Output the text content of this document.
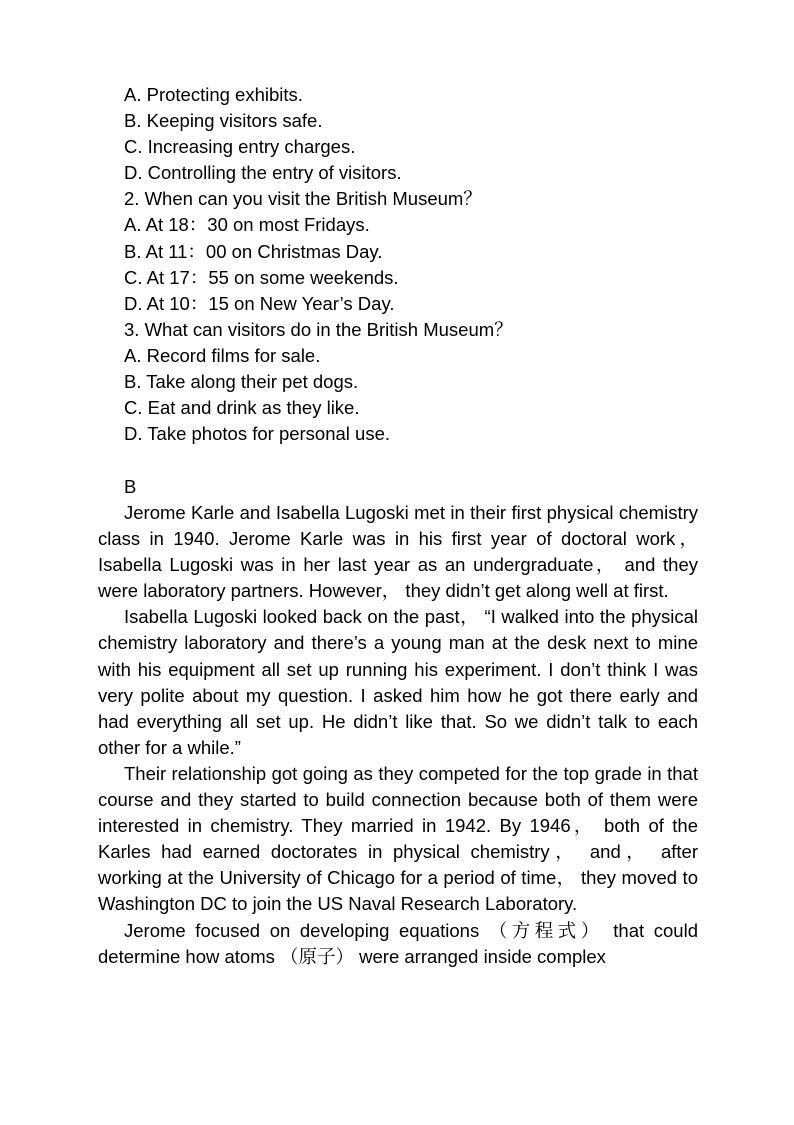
A. Protecting exhibits.

B. Keeping visitors safe.

C. Increasing entry charges.

D. Controlling the entry of visitors.

2. When can you visit the British Museum？

A. At 18：30 on most Fridays.

B. At 11：00 on Christmas Day.

C. At 17：55 on some weekends.

D. At 10：15 on New Year’s Day.

3. What can visitors do in the British Museum？

A. Record films for sale.

B. Take along their pet dogs.

C. Eat and drink as they like.

D. Take photos for personal use.

B

Jerome Karle and Isabella Lugoski met in their first physical chemistry class in 1940. Jerome Karle was in his first year of doctoral work， Isabella Lugoski was in her last year as an undergraduate， and they were laboratory partners. However， they didn’t get along well at first.

Isabella Lugoski looked back on the past， “I walked into the physical chemistry laboratory and there’s a young man at the desk next to mine with his equipment all set up running his experiment. I don’t think I was very polite about my question. I asked him how he got there early and had everything all set up. He didn’t like that. So we didn’t talk to each other for a while.”

Their relationship got going as they competed for the top grade in that course and they started to build connection because both of them were interested in chemistry. They married in 1942. By 1946， both of the Karles had earned doctorates in physical chemistry， and， after working at the University of Chicago for a period of time， they moved to Washington DC to join the US Naval Research Laboratory.

Jerome focused on developing equations （方程式） that could determine how atoms （原子） were arranged inside complex
